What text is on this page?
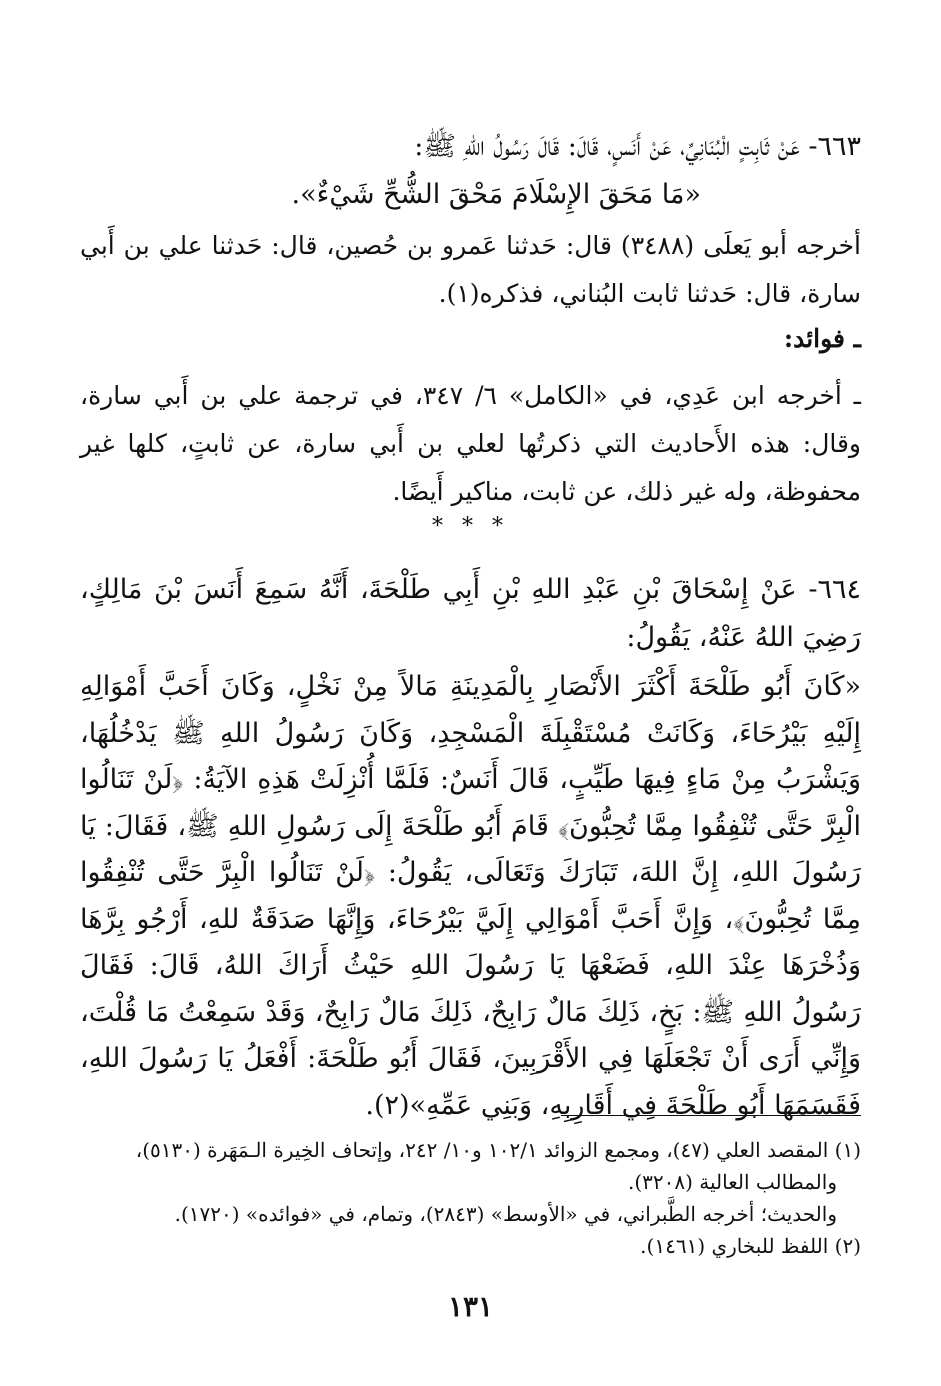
٦٦٣- عَنْ ثَابِتٍ الْبُنَانِيِّ، عَنْ أَنَسٍ، قَالَ: قَالَ رَسُولُ اللهِ ﷺ:
«مَا مَحَقَ الإِسْلَامَ مَحْقَ الشُّحِّ شَيْءٌ».
أخرجه أبو يَعلَى (٣٤٨٨) قال: حَدثنا عَمرو بن حُصين، قال: حَدثنا علي بن أَبي سارة، قال: حَدثنا ثابت البُناني، فذكره(١).
ـ فوائد:
ـ أخرجه ابن عَدِي، في «الكامل» ٦/ ٣٤٧، في ترجمة علي بن أَبي سارة، وقال: هذه الأَحاديث التي ذكرتُها لعلي بن أَبي سارة، عن ثابتٍ، كلها غير محفوظة، وله غير ذلك، عن ثابت، مناكير أَيضًا.
* * *
٦٦٤- عَنْ إِسْحَاقَ بْنِ عَبْدِ اللهِ بْنِ أَبِي طَلْحَةَ، أَنَّهُ سَمِعَ أَنَسَ بْنَ مَالِكٍ، رَضِيَ اللهُ عَنْهُ، يَقُولُ:
«كَانَ أَبُو طَلْحَةَ أَكْثَرَ الأَنْصَارِ بِالْمَدِينَةِ مَالاً مِنْ نَخْلٍ، وَكَانَ أَحَبَّ أَمْوَالِهِ إِلَيْهِ بَيْرُحَاءَ، وَكَانَتْ مُسْتَقْبِلَةَ الْمَسْجِدِ، وَكَانَ رَسُولُ اللهِ ﷺ يَدْخُلُهَا، وَيَشْرَبُ مِنْ مَاءٍ فِيهَا طَيِّبٍ، قَالَ أَنَسٌ: فَلَمَّا أُنْزِلَتْ هَذِهِ الآيَةُ: ﴿لَنْ تَنَالُوا الْبِرَّ حَتَّى تُنْفِقُوا مِمَّا تُحِبُّونَ﴾ قَامَ أَبُو طَلْحَةَ إِلَى رَسُولِ اللهِ ﷺ، فَقَالَ: يَا رَسُولَ اللهِ، إِنَّ اللهَ، تَبَارَكَ وَتَعَالَى، يَقُولُ: ﴿لَنْ تَنَالُوا الْبِرَّ حَتَّى تُنْفِقُوا مِمَّا تُحِبُّونَ﴾، وَإِنَّ أَحَبَّ أَمْوَالِي إِلَيَّ بَيْرُحَاءَ، وَإِنَّهَا صَدَقَةٌ للهِ، أَرْجُو بِرَّهَا وَذُخْرَهَا عِنْدَ اللهِ، فَضَعْهَا يَا رَسُولَ اللهِ حَيْثُ أَرَاكَ اللهُ، قَالَ: فَقَالَ رَسُولُ اللهِ ﷺ: بَخٍ، ذَلِكَ مَالٌ رَابِحٌ، ذَلِكَ مَالٌ رَابِحٌ، وَقَدْ سَمِعْتُ مَا قُلْتَ، وَإِنِّي أَرَى أَنْ تَجْعَلَهَا فِي الأَقْرَبِينَ، فَقَالَ أَبُو طَلْحَةَ: أَفْعَلُ يَا رَسُولَ اللهِ، فَقَسَمَهَا أَبُو طَلْحَةَ فِي أَقَارِبِهِ، وَبَنِي عَمِّهِ»(٢).

(١) المقصد العلي (٤٧)، ومجمع الزوائد ١٠٢/١ و١٠/ ٢٤٢، وإتحاف الخِيرة الـمَهَرة (٥١٣٠)،

والمطالب العالية (٣٢٠٨).

والحديث؛ أخرجه الطَّبراني، في «الأوسط» (٢٨٤٣)، وتمام، في «فوائده» (١٧٢٠).

(٢) اللفظ للبخاري (١٤٦١).

١٣١
